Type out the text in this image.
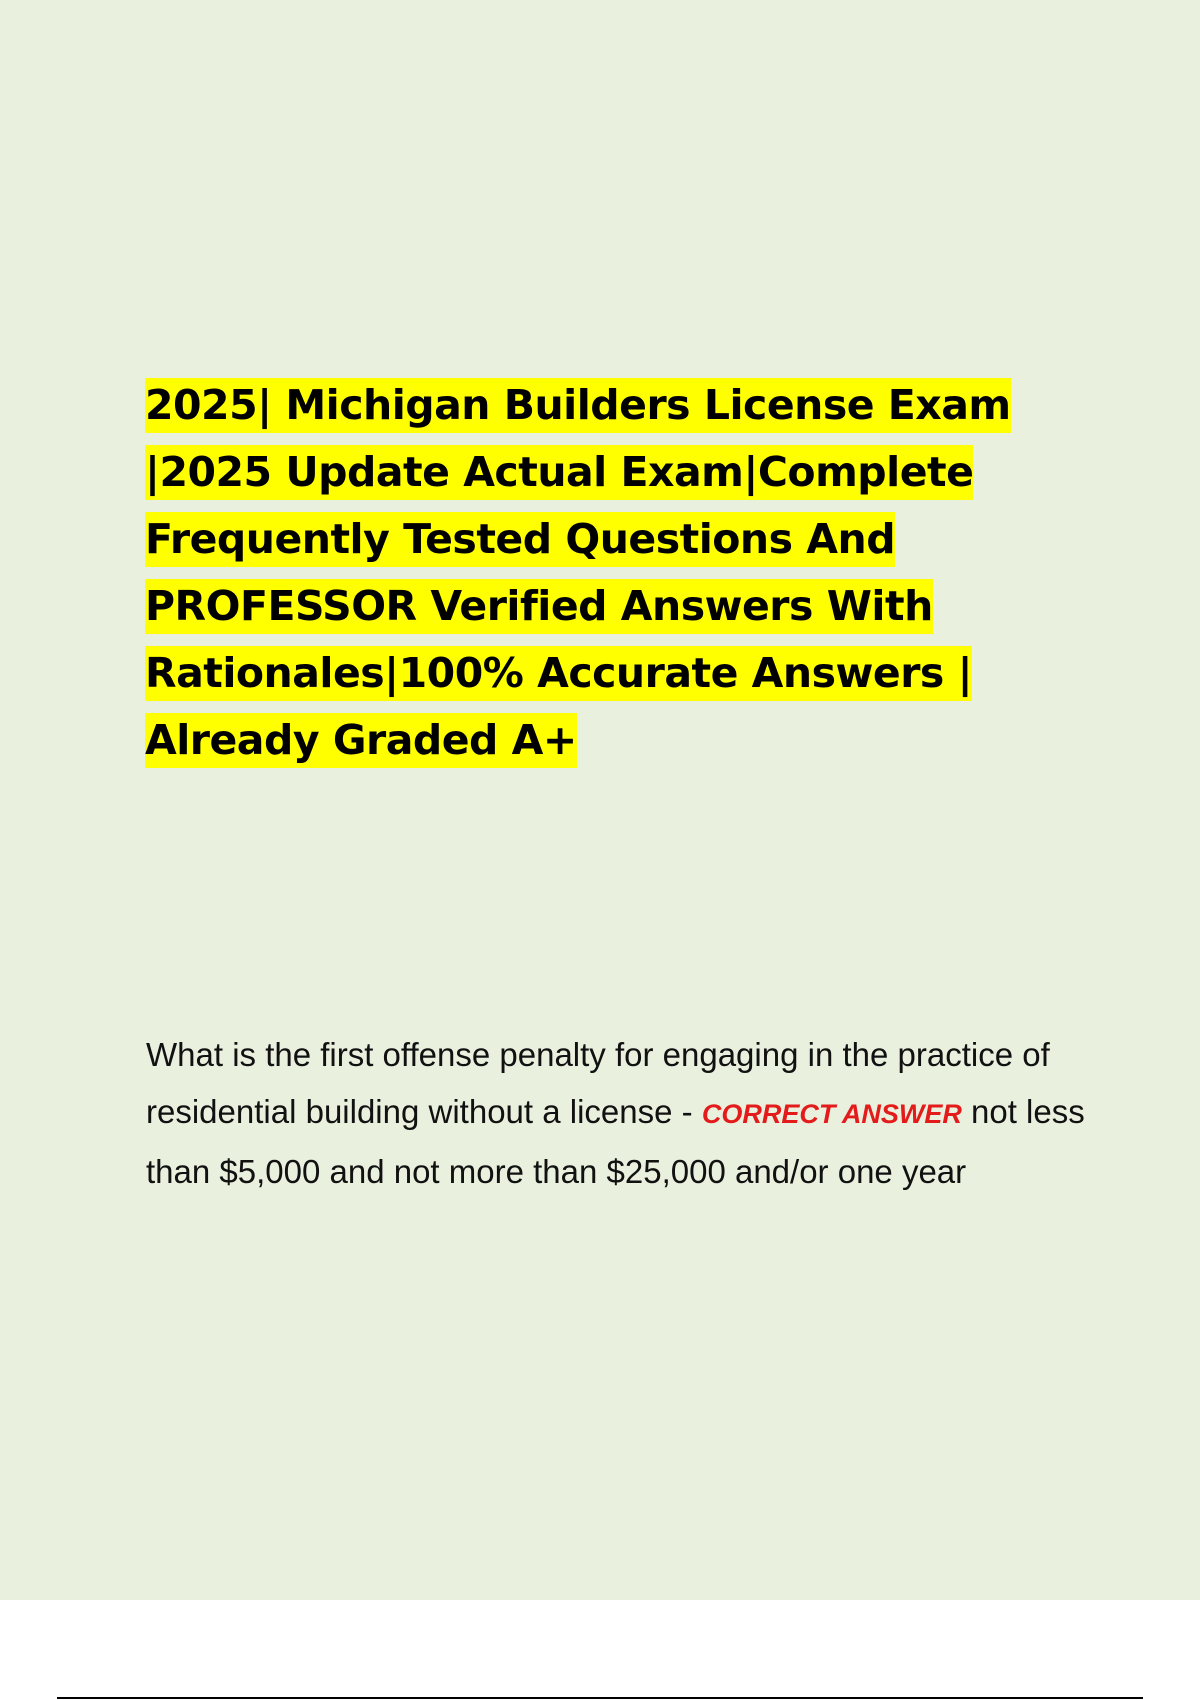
2025| Michigan Builders License Exam |2025 Update Actual Exam|Complete Frequently Tested Questions And PROFESSOR Verified Answers With Rationales|100% Accurate Answers | Already Graded A+

What is the first offense penalty for engaging in the practice of residential building without a license - CORRECT ANSWER not less than $5,000 and not more than $25,000 and/or one year
